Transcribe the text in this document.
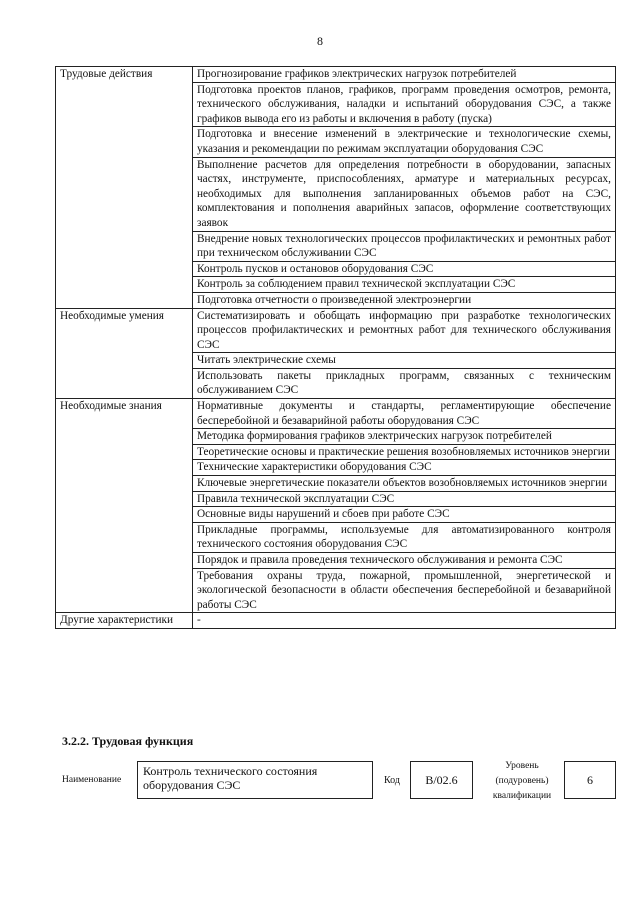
8
Трудовые действия	Прогнозирование графиков электрических нагрузок потребителей
	Подготовка проектов планов, графиков, программ проведения осмотров, ремонта, технического обслуживания, наладки и испытаний оборудования СЭС, а также графиков вывода его из работы и включения в работу (пуска)
	Подготовка и внесение изменений в электрические и технологические схемы, указания и рекомендации по режимам эксплуатации оборудования СЭС
	Выполнение расчетов для определения потребности в оборудовании, запасных частях, инструменте, приспособлениях, арматуре и материальных ресурсах, необходимых для выполнения запланированных объемов работ на СЭС, комплектования и пополнения аварийных запасов, оформление соответствующих заявок
	Внедрение новых технологических процессов профилактических и ремонтных работ при техническом обслуживании СЭС
	Контроль пусков и остановов оборудования СЭС
	Контроль за соблюдением правил технической эксплуатации СЭС
	Подготовка отчетности о произведенной электроэнергии
Необходимые умения	Систематизировать и обобщать информацию при разработке технологических процессов профилактических и ремонтных работ для технического обслуживания СЭС
	Читать электрические схемы
	Использовать пакеты прикладных программ, связанных с техническим обслуживанием СЭС
Необходимые знания	Нормативные документы и стандарты, регламентирующие обеспечение бесперебойной и безаварийной работы оборудования СЭС
	Методика формирования графиков электрических нагрузок потребителей
	Теоретические основы и практические решения возобновляемых источников энергии
	Технические характеристики оборудования СЭС
	Ключевые энергетические показатели объектов возобновляемых источников энергии
	Правила технической эксплуатации СЭС
	Основные виды нарушений и сбоев при работе СЭС
	Прикладные программы, используемые для автоматизированного контроля технического состояния оборудования СЭС
	Порядок и правила проведения технического обслуживания и ремонта СЭС
	Требования охраны труда, пожарной, промышленной, энергетической и экологической безопасности в области обеспечения бесперебойной и безаварийной работы СЭС
Другие характеристики	-
3.2.2. Трудовая функция
Наименование
Контроль технического состояния оборудования СЭС	Код	В/02.6
Уровень (подуровень) квалификации
6
